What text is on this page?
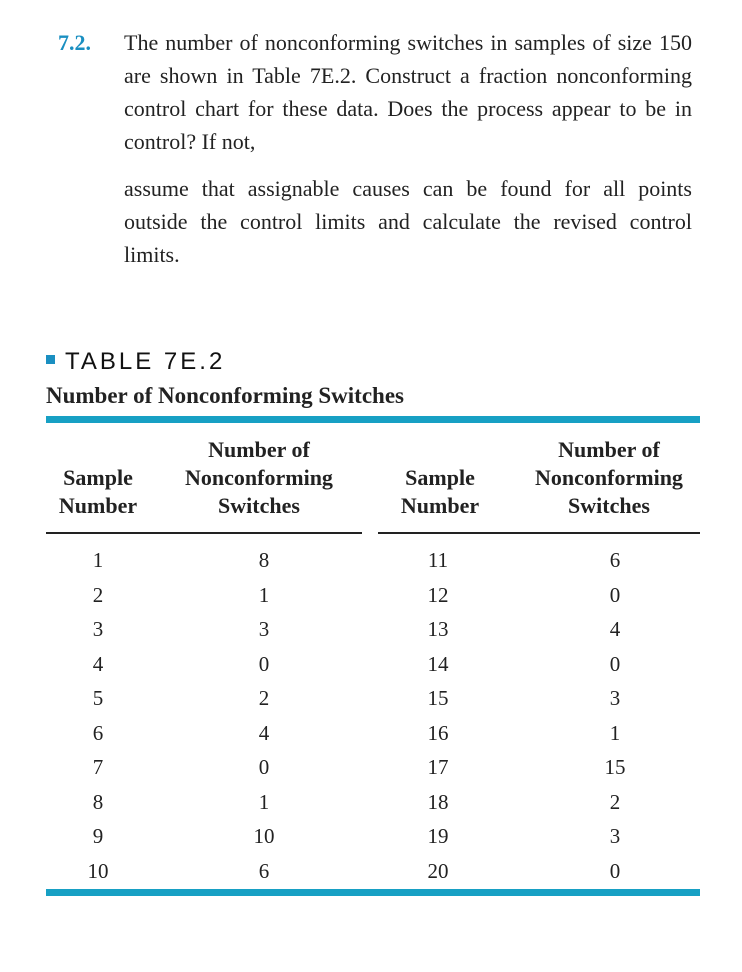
7.2. The number of nonconforming switches in samples of size 150 are shown in Table 7E.2. Construct a fraction nonconforming control chart for these data. Does the process appear to be in control? If not,

assume that assignable causes can be found for all points outside the control limits and calculate the revised control limits.

TABLE 7E.2
Number of Nonconforming Switches
Sample
Number
Number of
Nonconforming
Switches
Sample
Number
Number of
Nonconforming
Switches
1
2
3
4
5
6
7
8
9
10
8
1
3
0
2
4
0
1
10
6
11
12
13
14
15
16
17
18
19
20
6
0
4
0
3
1
15
2
3
0
